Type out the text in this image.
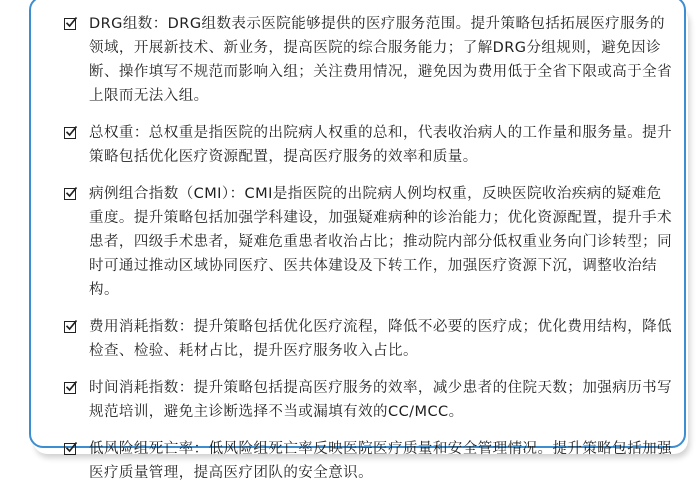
DRG组数：DRG组数表示医院能够提供的医疗服务范围。提升策略包括拓展医疗服务的领域，开展新技术、新业务，提高医院的综合服务能力；了解DRG分组规则，避免因诊断、操作填写不规范而影响入组；关注费用情况，避免因为费用低于全省下限或高于全省上限而无法入组。
总权重：总权重是指医院的出院病人权重的总和，代表收治病人的工作量和服务量。提升策略包括优化医疗资源配置，提高医疗服务的效率和质量。
病例组合指数（CMI）：CMI是指医院的出院病人例均权重，反映医院收治疾病的疑难危重度。提升策略包括加强学科建设，加强疑难病种的诊治能力；优化资源配置，提升手术患者，四级手术患者，疑难危重患者收治占比；推动院内部分低权重业务向门诊转型；同时可通过推动区域协同医疗、医共体建设及下转工作，加强医疗资源下沉，调整收治结构。
费用消耗指数：提升策略包括优化医疗流程，降低不必要的医疗成；优化费用结构，降低检查、检验、耗材占比，提升医疗服务收入占比。
时间消耗指数：提升策略包括提高医疗服务的效率，减少患者的住院天数；加强病历书写规范培训，避免主诊断选择不当或漏填有效的CC/MCC。
低风险组死亡率：低风险组死亡率反映医院医疗质量和安全管理情况。提升策略包括加强医疗质量管理，提高医疗团队的安全意识。
